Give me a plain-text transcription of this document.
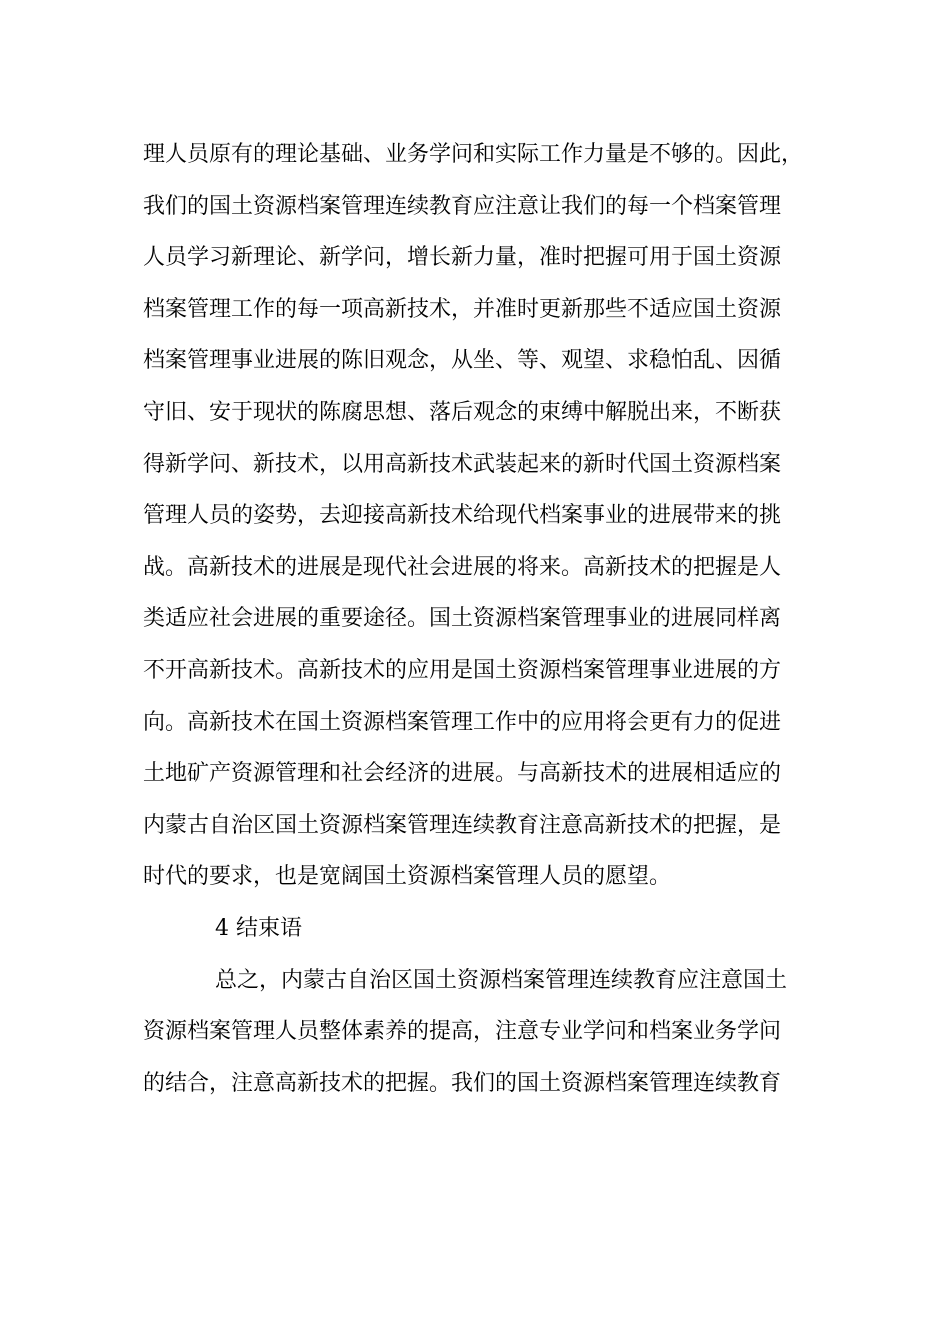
理人员原有的理论基础、业务学问和实际工作力量是不够的。因此，
我们的国土资源档案管理连续教育应注意让我们的每一个档案管理
人员学习新理论、新学问，增长新力量，准时把握可用于国土资源
档案管理工作的每一项高新技术，并准时更新那些不适应国土资源
档案管理事业进展的陈旧观念，从坐、等、观望、求稳怕乱、因循
守旧、安于现状的陈腐思想、落后观念的束缚中解脱出来，不断获
得新学问、新技术，以用高新技术武装起来的新时代国土资源档案
管理人员的姿势，去迎接高新技术给现代档案事业的进展带来的挑
战。高新技术的进展是现代社会进展的将来。高新技术的把握是人
类适应社会进展的重要途径。国土资源档案管理事业的进展同样离
不开高新技术。高新技术的应用是国土资源档案管理事业进展的方
向。高新技术在国土资源档案管理工作中的应用将会更有力的促进
土地矿产资源管理和社会经济的进展。与高新技术的进展相适应的
内蒙古自治区国土资源档案管理连续教育注意高新技术的把握，是
时代的要求，也是宽阔国土资源档案管理人员的愿望。
4 结束语
总之，内蒙古自治区国土资源档案管理连续教育应注意国土
资源档案管理人员整体素养的提高，注意专业学问和档案业务学问
的结合，注意高新技术的把握。我们的国土资源档案管理连续教育
